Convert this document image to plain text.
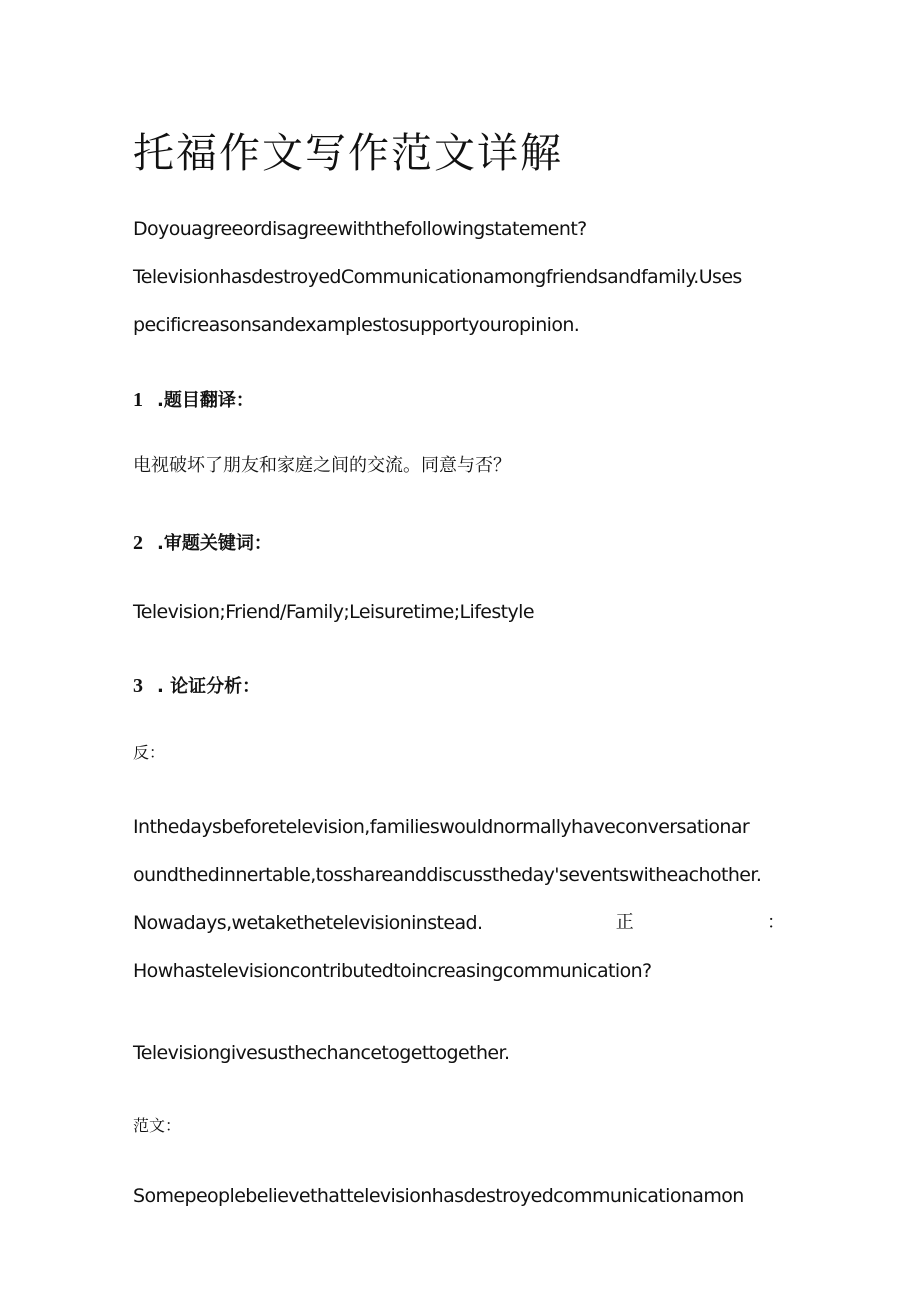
托福作文写作范文详解
Doyouagreeordisagreewiththefollowingstatement?
TelevisionhasdestroyedCommunicationamongfriendsandfamily.Uses
pecificreasonsandexamplestosupportyouropinion.
1 .题目翻译：
电视破坏了朋友和家庭之间的交流。同意与否？
2 .审题关键词：
Television;Friend/Family;Leisuretime;Lifestyle
3 . 论证分析：
反：
Inthedaysbeforetelevision,familieswouldnormallyhaveconversationar
oundthedinnertable,tosshareanddiscusstheday'seventswitheachother.
Nowadays,wetakethetelevisioninstead.	正	：
Howhastelevisioncontributedtoincreasingcommunication?
Televisiongivesusthechancetogettogether.
范文：
Somepeoplebelievethattelevisionhasdestroyedcommunicationamon
